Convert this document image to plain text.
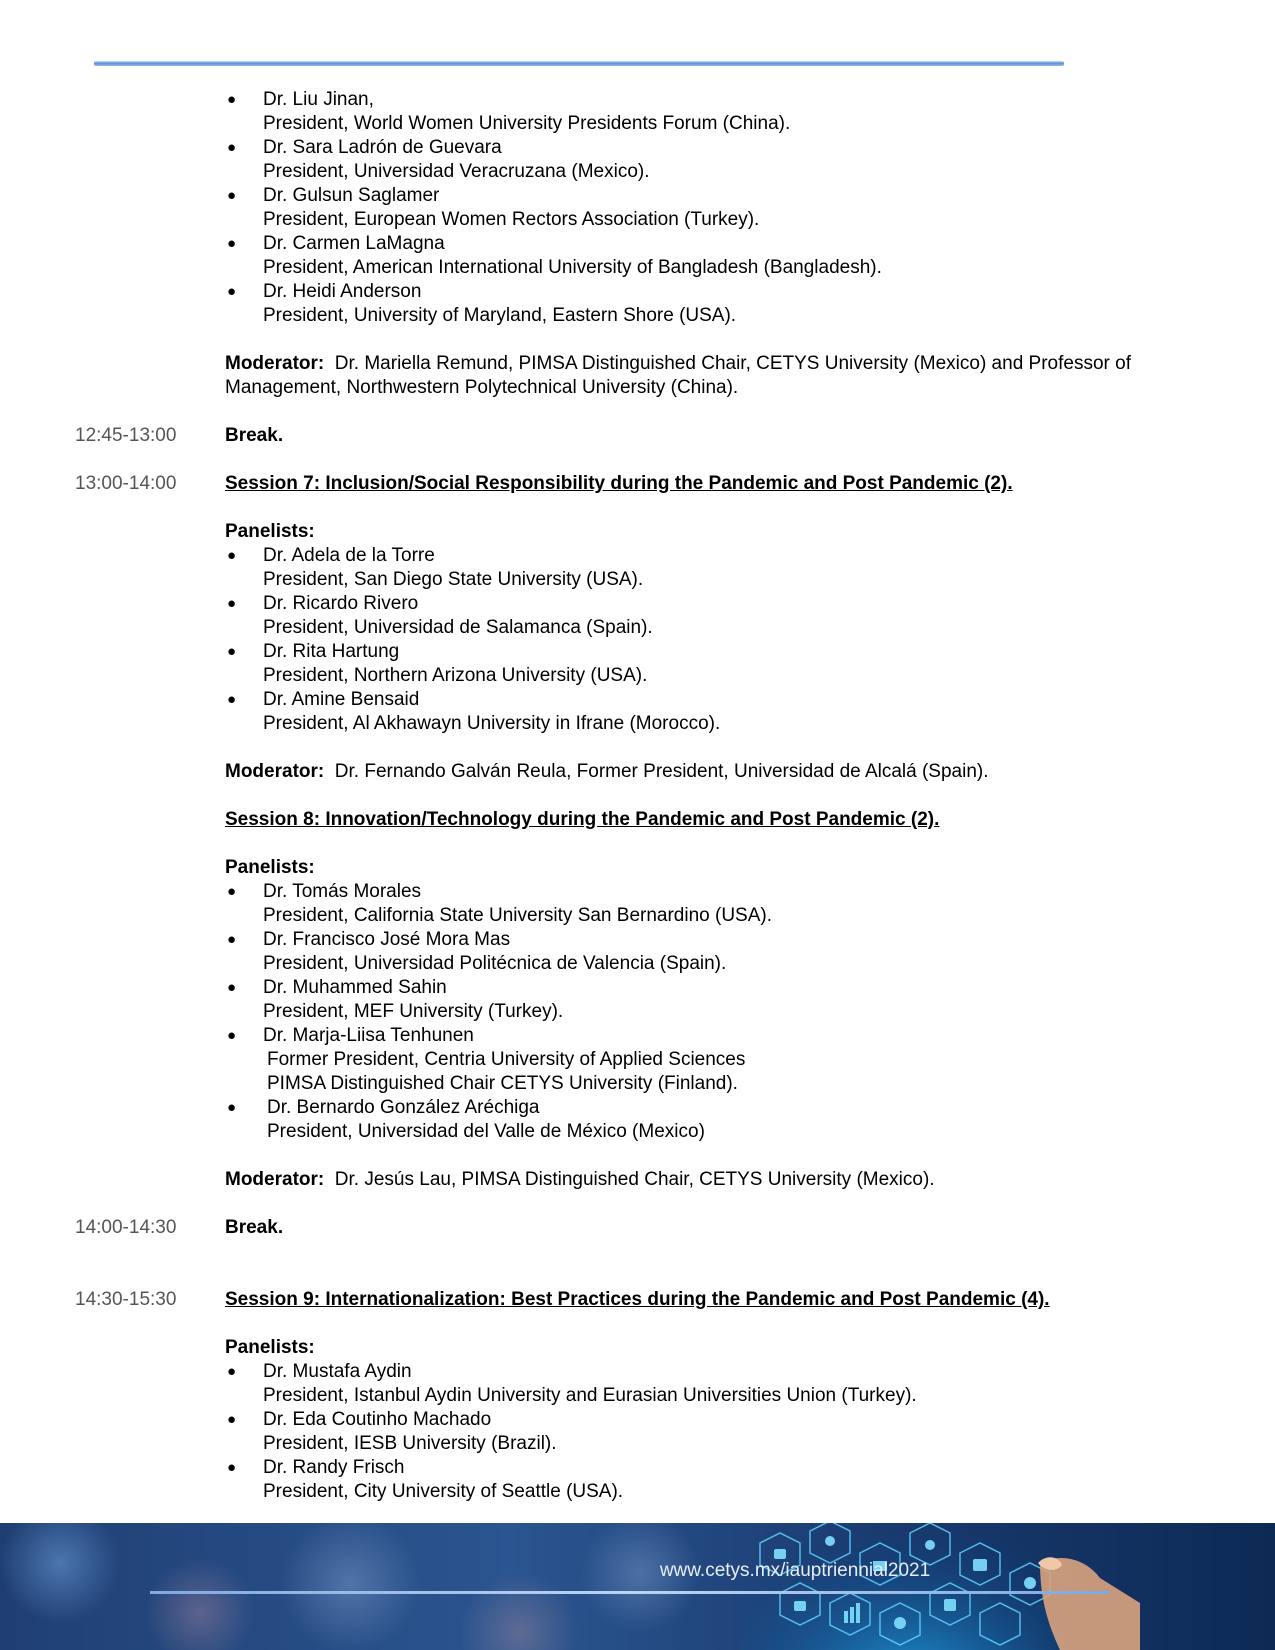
● Dr. Liu Jinan,
President, World Women University Presidents Forum (China).
● Dr. Sara Ladrón de Guevara
President, Universidad Veracruzana (Mexico).
● Dr. Gulsun Saglamer
President, European Women Rectors Association (Turkey).
● Dr. Carmen LaMagna
President, American International University of Bangladesh (Bangladesh).
● Dr. Heidi Anderson
President, University of Maryland, Eastern Shore (USA).
Moderator: Dr. Mariella Remund, PIMSA Distinguished Chair, CETYS University (Mexico) and Professor of Management, Northwestern Polytechnical University (China).
12:45-13:00	Break.
13:00-14:00	Session 7: Inclusion/Social Responsibility during the Pandemic and Post Pandemic (2).
Panelists:
● Dr. Adela de la Torre
President, San Diego State University (USA).
● Dr. Ricardo Rivero
President, Universidad de Salamanca (Spain).
● Dr. Rita Hartung
President, Northern Arizona University (USA).
● Dr. Amine Bensaid
President, Al Akhawayn University in Ifrane (Morocco).
Moderator: Dr. Fernando Galván Reula, Former President, Universidad de Alcalá (Spain).
Session 8: Innovation/Technology during the Pandemic and Post Pandemic (2).
Panelists:
● Dr. Tomás Morales
President, California State University San Bernardino (USA).
● Dr. Francisco José Mora Mas
President, Universidad Politécnica de Valencia (Spain).
● Dr. Muhammed Sahin
President, MEF University (Turkey).
● Dr. Marja-Liisa Tenhunen
Former President, Centria University of Applied Sciences
PIMSA Distinguished Chair CETYS University (Finland).
● Dr. Bernardo González Aréchiga
President, Universidad del Valle de México (Mexico)
Moderator: Dr. Jesús Lau, PIMSA Distinguished Chair, CETYS University (Mexico).
14:00-14:30	Break.
14:30-15:30	Session 9: Internationalization: Best Practices during the Pandemic and Post Pandemic (4).
Panelists:
● Dr. Mustafa Aydin
President, Istanbul Aydin University and Eurasian Universities Union (Turkey).
● Dr. Eda Coutinho Machado
President, IESB University (Brazil).
● Dr. Randy Frisch
President, City University of Seattle (USA).
www.cetys.mx/iauptriennial2021
